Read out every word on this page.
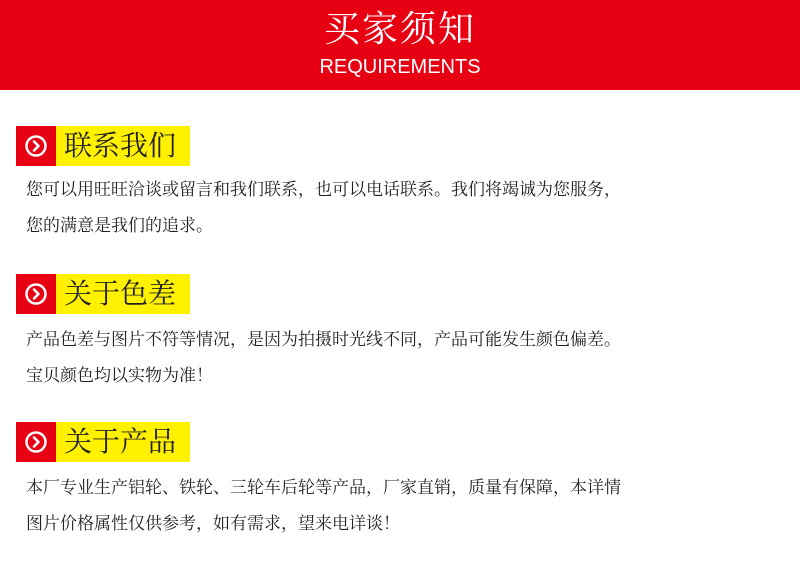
买家须知
REQUIREMENTS
联系我们
您可以用旺旺洽谈或留言和我们联系，也可以电话联系。我们将竭诚为您服务，
您的满意是我们的追求。
关于色差
产品色差与图片不符等情况，是因为拍摄时光线不同，产品可能发生颜色偏差。
宝贝颜色均以实物为准！
关于产品
本厂专业生产铝轮、铁轮、三轮车后轮等产品，厂家直销，质量有保障，本详情
图片价格属性仅供参考，如有需求，望来电详谈！
